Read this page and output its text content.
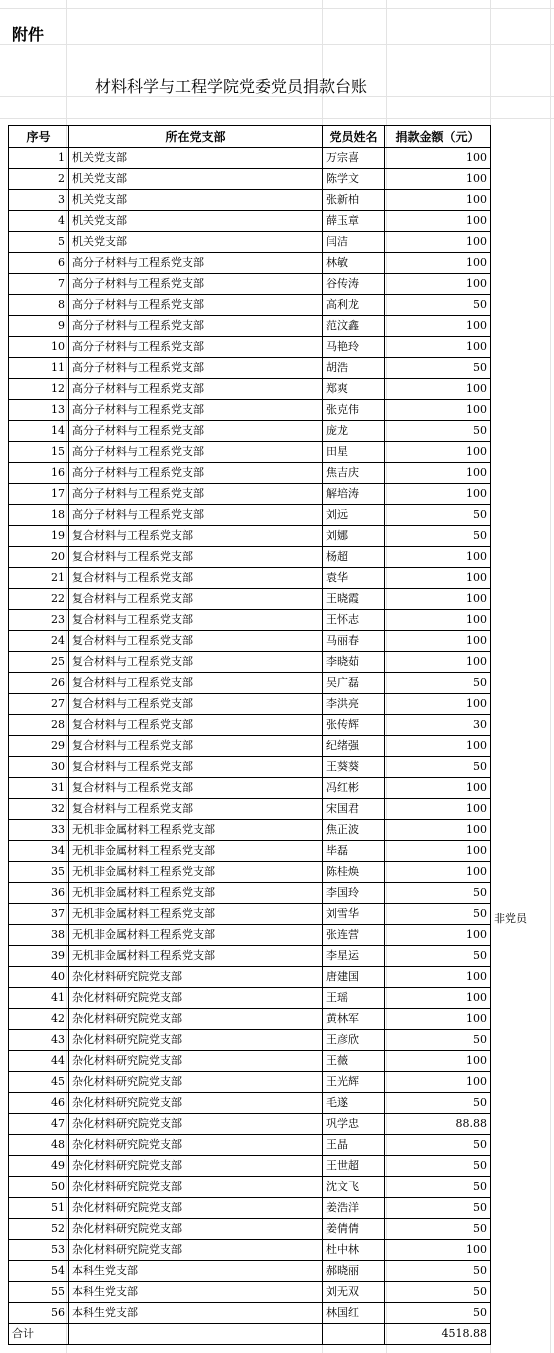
附件
材料科学与工程学院党委党员捐款台账
序号	所在党支部	党员姓名	捐款金额（元）
1	机关党支部	万宗喜	100
2	机关党支部	陈学文	100
3	机关党支部	张新柏	100
4	机关党支部	薛玉章	100
5	机关党支部	闫洁	100
6	高分子材料与工程系党支部	林敏	100
7	高分子材料与工程系党支部	谷传涛	100
8	高分子材料与工程系党支部	高利龙	50
9	高分子材料与工程系党支部	范汶鑫	100
10	高分子材料与工程系党支部	马艳玲	100
11	高分子材料与工程系党支部	胡浩	50
12	高分子材料与工程系党支部	郑爽	100
13	高分子材料与工程系党支部	张克伟	100
14	高分子材料与工程系党支部	庞龙	50
15	高分子材料与工程系党支部	田星	100
16	高分子材料与工程系党支部	焦吉庆	100
17	高分子材料与工程系党支部	解培涛	100
18	高分子材料与工程系党支部	刘远	50
19	复合材料与工程系党支部	刘娜	50
20	复合材料与工程系党支部	杨超	100
21	复合材料与工程系党支部	袁华	100
22	复合材料与工程系党支部	王晓霞	100
23	复合材料与工程系党支部	王怀志	100
24	复合材料与工程系党支部	马丽春	100
25	复合材料与工程系党支部	李晓茹	100
26	复合材料与工程系党支部	吴广磊	50
27	复合材料与工程系党支部	李洪亮	100
28	复合材料与工程系党支部	张传辉	30
29	复合材料与工程系党支部	纪绪强	100
30	复合材料与工程系党支部	王葵葵	50
31	复合材料与工程系党支部	冯红彬	100
32	复合材料与工程系党支部	宋国君	100
33	无机非金属材料工程系党支部	焦正波	100
34	无机非金属材料工程系党支部	毕磊	100
35	无机非金属材料工程系党支部	陈桂焕	100
36	无机非金属材料工程系党支部	李国玲	50
37	无机非金属材料工程系党支部	刘雪华	50
38	无机非金属材料工程系党支部	张连营	100
39	无机非金属材料工程系党支部	李星运	50
40	杂化材料研究院党支部	唐建国	100
41	杂化材料研究院党支部	王瑶	100
42	杂化材料研究院党支部	黄林军	100
43	杂化材料研究院党支部	王彦欣	50
44	杂化材料研究院党支部	王薇	100
45	杂化材料研究院党支部	王光辉	100
46	杂化材料研究院党支部	毛遂	50
47	杂化材料研究院党支部	巩学忠	88.88
48	杂化材料研究院党支部	王晶	50
49	杂化材料研究院党支部	王世超	50
50	杂化材料研究院党支部	沈文飞	50
51	杂化材料研究院党支部	姜浩洋	50
52	杂化材料研究院党支部	姜倩倩	50
53	杂化材料研究院党支部	杜中林	100
54	本科生党支部	郝晓丽	50
55	本科生党支部	刘无双	50
56	本科生党支部	林国红	50
合计			4518.88
非党员
